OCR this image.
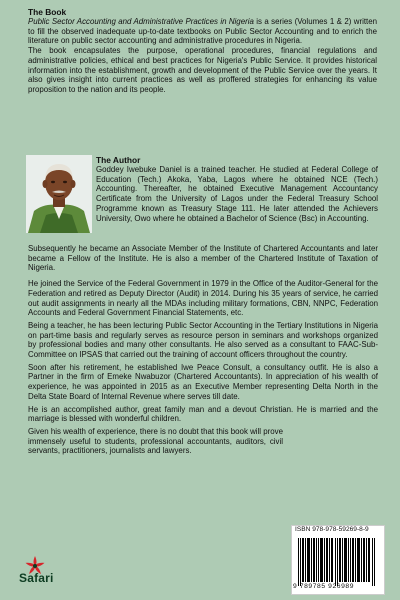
The Book

Public Sector Accounting and Administrative Practices in Nigeria is a series (Volumes 1 & 2) written to fill the observed inadequate up-to-date textbooks on Public Sector Accounting and to enrich the literature on public sector accounting and administrative procedures in Nigeria.

The book encapsulates the purpose, operational procedures, financial regulations and administrative policies, ethical and best practices for Nigeria's Public Service. It provides historical information into the establishment, growth and development of the Public Service over the years. It also gives insight into current practices as well as proffered strategies for enhancing its value proposition to the nation and its people.

The Author

Goddey Iwebuke Daniel is a trained teacher. He studied at Federal College of Education (Tech.) Akoka, Yaba, Lagos where he obtained NCE (Tech.) Accounting. Thereafter, he obtained Executive Management Accountancy Certificate from the University of Lagos under the Federal Treasury School Programme known as Treasury Stage 111. He later attended the Achievers University, Owo where he obtained a Bachelor of Science (Bsc) in Accounting.

Subsequently he became an Associate Member of the Institute of Chartered Accountants and later became a Fellow of the Institute. He is also a member of the Chartered Institute of Taxation of Nigeria.

He joined the Service of the Federal Government in 1979 in the Office of the Auditor-General for the Federation and retired as Deputy Director (Audit) in 2014. During his 35 years of service, he carried out audit assignments in nearly all the MDAs including military formations, CBN, NNPC, Federation Accounts and Federal Government Financial Statements, etc.

Being a teacher, he has been lecturing Public Sector Accounting in the Tertiary Institutions in Nigeria on part-time basis and regularly serves as resource person in seminars and workshops organized by professional bodies and many other consultants. He also served as a consultant to FAAC-Sub-Committee on IPSAS that carried out the training of account officers throughout the country.

Soon after his retirement, he established Iwe Peace Consult, a consultancy outfit. He is also a Partner in the firm of Emeke Nwabuzor (Chartered Accountants). In appreciation of his wealth of experience, he was appointed in 2015 as an Executive Member representing Delta North in the Delta State Board of Internal Revenue where serves till date.

He is an accomplished author, great family man and a devout Christian. He is married and the marriage is blessed with wonderful children.

Given his wealth of experience, there is no doubt that this book will prove immensely useful to students, professional accountants, auditors, civil servants, practitioners, journalists and lawyers.

Safari
ISBN 978-978-59269-8-9
9 789785 926989
